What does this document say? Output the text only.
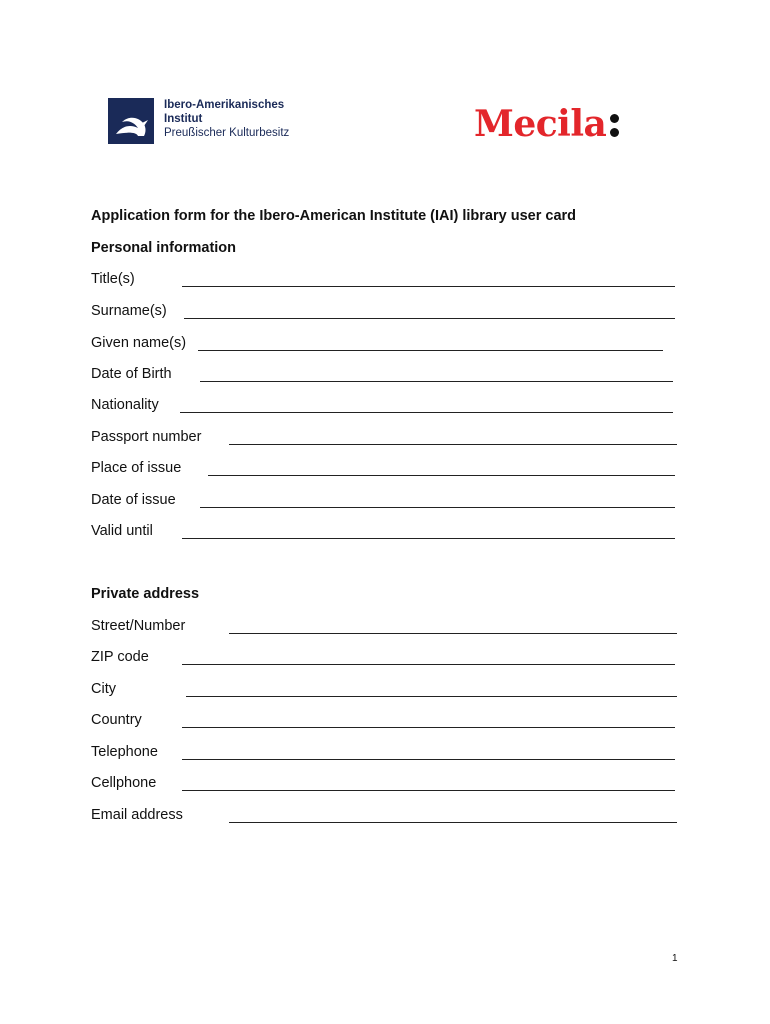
Ibero-Amerikanisches
Institut
Preußischer Kulturbesitz	Mecila
Application form for the Ibero-American Institute (IAI) library user card
Personal information
Title(s)
Surname(s)
Given name(s)
Date of Birth
Nationality
Passport number
Place of issue
Date of issue
Valid until
Private address
Street/Number
ZIP code
City
Country
Telephone
Cellphone
Email address
1
